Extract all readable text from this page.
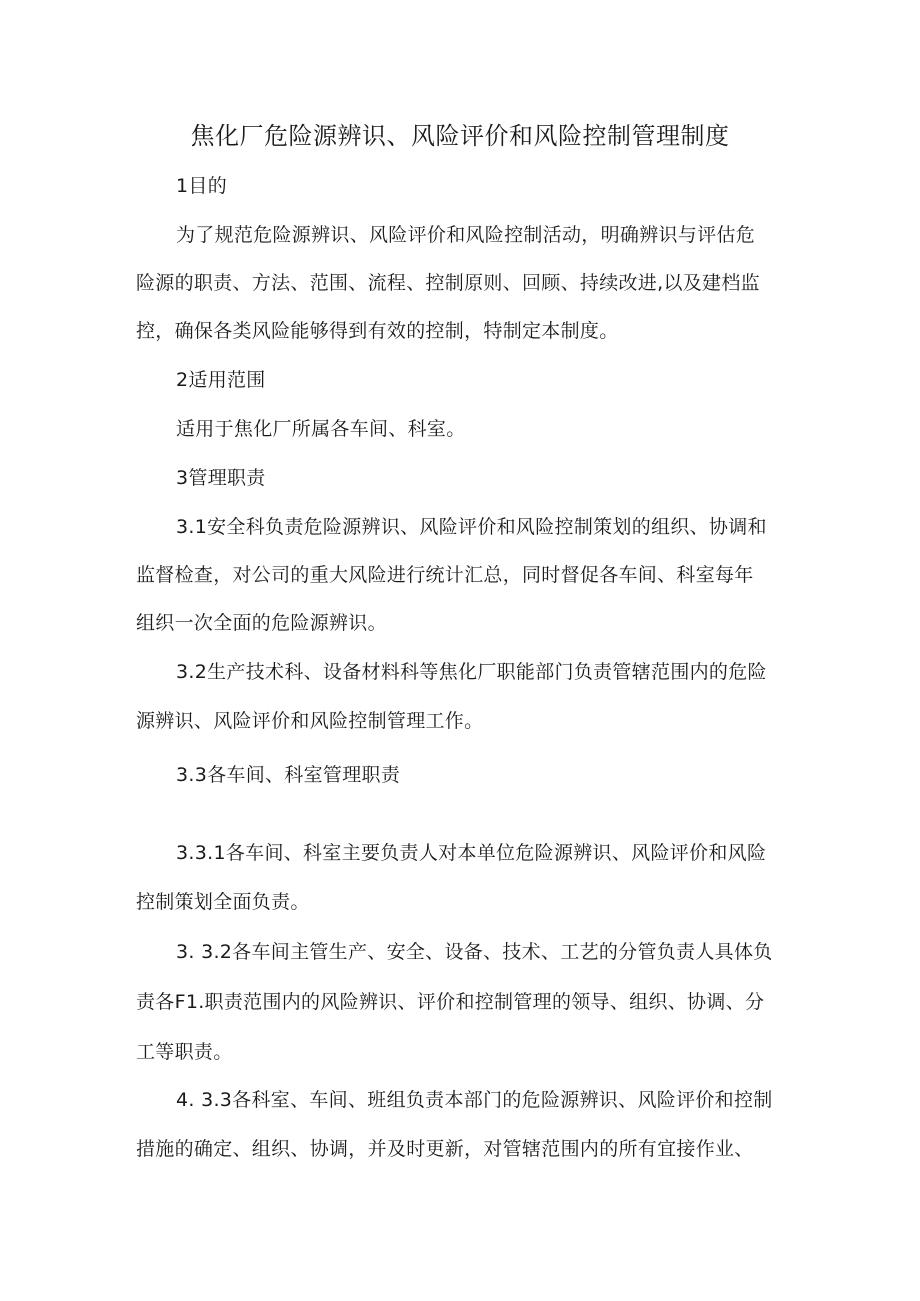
焦化厂危险源辨识、风险评价和风险控制管理制度

1目的

为了规范危险源辨识、风险评价和风险控制活动，明确辨识与评估危

险源的职责、方法、范围、流程、控制原则、回顾、持续改进,以及建档监

控，确保各类风险能够得到有效的控制，特制定本制度。

2适用范围

适用于焦化厂所属各车间、科室。

3管理职责

3.1安全科负责危险源辨识、风险评价和风险控制策划的组织、协调和

监督检查，对公司的重大风险进行统计汇总，同时督促各车间、科室每年

组织一次全面的危险源辨识。

3.2生产技术科、设备材料科等焦化厂职能部门负责管辖范围内的危险

源辨识、风险评价和风险控制管理工作。

3.3各车间、科室管理职责

3.3.1各车间、科室主要负责人对本单位危险源辨识、风险评价和风险

控制策划全面负责。

3. 3.2各车间主管生产、安全、设备、技术、工艺的分管负责人具体负

责各F1.职责范围内的风险辨识、评价和控制管理的领导、组织、协调、分

工等职责。

4. 3.3各科室、车间、班组负责本部门的危险源辨识、风险评价和控制

措施的确定、组织、协调，并及时更新，对管辖范围内的所有宜接作业、
